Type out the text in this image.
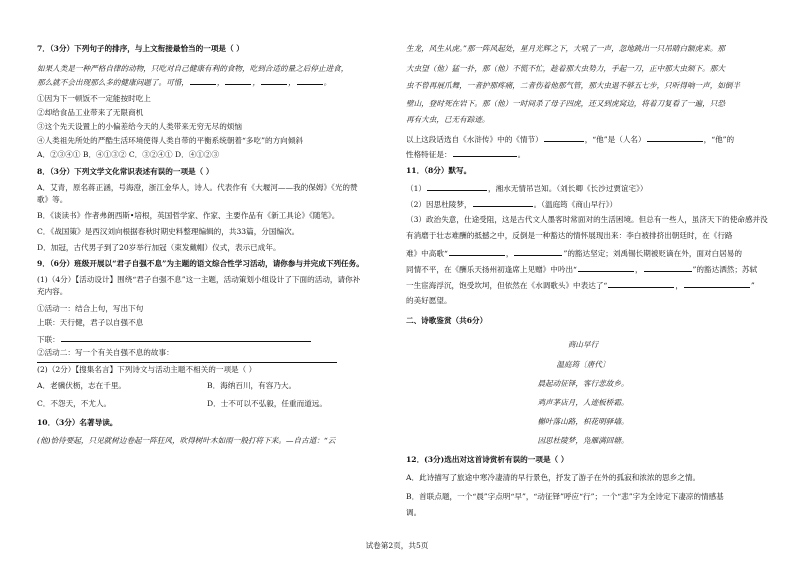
7．（3分）下列句子的排序，与上文衔接最恰当的一项是（ ）
如果人类是一种严格自律的动物，只吃对自己健康有利的食物，吃到合适的量之后停止进食，
那么就不会出现那么多的健康问题了。可惜，	，	，	，	。
①因为下一顿饭不一定能按时吃上
②却给食品工业带来了无限商机
③这个先天设置上的小偏差给今天的人类带来无穷无尽的烦恼
④人类祖先所处的严酷生活环境使得人类自带的平衡系统朝着“多吃”的方向倾斜
A．②③④① B．④①③② C．③②④① D．④①②③
8．（3分）下列文学文化常识表述有误的一项是（ ）
A．艾青，原名蒋正涵，号海澄，浙江金华人，诗人。代表作有《大堰河——我的保姆》《光的赞
歌》等。
B．《谈读书》作者弗朗西斯•培根，英国哲学家、作家、主要作品有《新工具论》《随笔》。
C．《战国策》是西汉刘向根据春秋时期史料整理编辑的，共33篇，分国编次。
D．加冠，古代男子到了20岁举行加冠（束发戴帽）仪式，表示已成年。
9．（6分）班级开展以“君子自强不息”为主题的语文综合性学习活动，请你参与并完成下列任务。
(1)（4分）【活动设计】围绕“君子自强不息”这一主题，活动策划小组设计了下面的活动，请你补
充内容。
①活动一：结合上句，写出下句
上联：天行健，君子以自强不息
下联：
②活动二：写一个有关自强不息的故事：
(2)（2分）【搜集名言】下列诗文与活动主题不相关的一项是（ ）
A．老骥伏枥，志在千里。	B．海纳百川，有容乃大。
C．不怨天，不尤人。	D．士不可以不弘毅，任重而道远。
10．（3分）名著导读。
(他)恰待要起，只见就树边卷起一阵狂风，吹得树叶木如雨一般打将下来。—自古道：“云
生龙，风生从虎。”那一阵风起处，星月光辉之下，大吼了一声，忽地跳出一只吊睛白额虎来。那
大虫望（他）猛一扑，那（他）不慌不忙，趁着那大虫势力，手起一刀，正中那大虫颏下。那大
虫不曾再展爪舞，一者护那疼痛，二者伤着他那气管，那大虫退不够五七步，只听得响一声，如倒半
壁山，登时死在岩下。那（他）一时间杀了母子四虎，还又到虎窝边，将着刀复看了一遍，只恐
再有大虫，已无有踪迹。
以上这段话选自《水浒传》中的《情节）	，“他”是（人名）	，“他”的
性格特征是：	。
11．（8分）默写。
（1）	，湘水无情吊岂知。（刘长卿《长沙过贾谊宅》）
（2）因思杜陵梦，	。（温庭筠《商山早行》）
（3）政治失意，仕途受阻，这是古代文人墨客时常面对的生活困境。但总有一些人，虽济天下的使命感并没
有消磨于壮志难酬的抵撼之中，反倒是一种豁达的情怀展现出来：李白被排挤出朝廷时，在《行路
难》中高歌“	，	”的豁达坚定；刘禹锡长期被贬谪在外，面对白居易的
同情不平，在《酬乐天扬州初逢席上见赠》中吟出“	，	”的豁达洒然；苏轼
一生宦海浮沉，饱受坎坷，但依然在《水调歌头》中表达了“	，	”
的美好愿望。
二、诗歌鉴赏（共6分）
商山早行
温庭筠〔唐代〕
晨起动征铎，客行悲故乡。
鸡声茅店月，人迹板桥霜。
槲叶落山路，枳花明驿墙。
因思杜陵梦，凫雁满回塘。
12．(3分)选出对这首诗赏析有误的一项是（ ）
A．此诗描写了旅途中寒冷凄清的早行景色，抒发了游子在外的孤寂和浓浓的思乡之情。
B．首联点题，一个“晨”字点明“早”，“动征铎”呼应“行”；一个“悲”字为全诗定下凄凉的情感基
调。
试卷第2页，共5页
